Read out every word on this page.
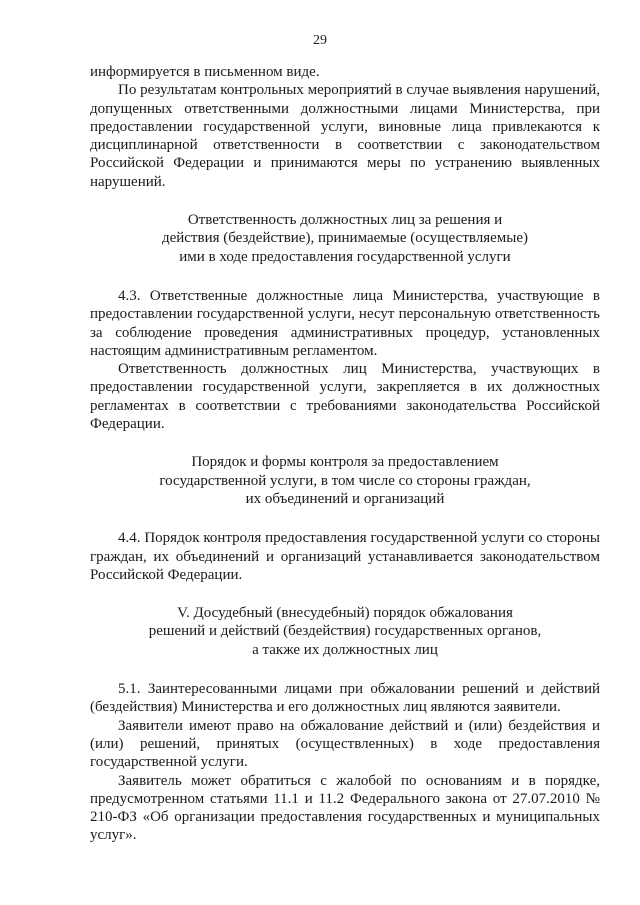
29

информируется в письменном виде.

По результатам контрольных мероприятий в случае выявления нарушений, допущенных ответственными должностными лицами Министерства, при предоставлении государственной услуги, виновные лица привлекаются к дисциплинарной ответственности в соответствии с законодательством Российской Федерации и принимаются меры по устранению выявленных нарушений.

Ответственность должностных лиц за решения и
действия (бездействие), принимаемые (осуществляемые)
ими в ходе предоставления государственной услуги

4.3. Ответственные должностные лица Министерства, участвующие в предоставлении государственной услуги, несут персональную ответственность за соблюдение проведения административных процедур, установленных настоящим административным регламентом.

Ответственность должностных лиц Министерства, участвующих в предоставлении государственной услуги, закрепляется в их должностных регламентах в соответствии с требованиями законодательства Российской Федерации.

Порядок и формы контроля за предоставлением
государственной услуги, в том числе со стороны граждан,
их объединений и организаций

4.4. Порядок контроля предоставления государственной услуги со стороны граждан, их объединений и организаций устанавливается законодательством Российской Федерации.

V. Досудебный (внесудебный) порядок обжалования
решений и действий (бездействия) государственных органов,
а также их должностных лиц

5.1. Заинтересованными лицами при обжаловании решений и действий (бездействия) Министерства и его должностных лиц являются заявители.

Заявители имеют право на обжалование действий и (или) бездействия и (или) решений, принятых (осуществленных) в ходе предоставления государственной услуги.

Заявитель может обратиться с жалобой по основаниям и в порядке, предусмотренном статьями 11.1 и 11.2 Федерального закона от 27.07.2010 № 210-ФЗ «Об организации предоставления государственных и муниципальных услуг».
